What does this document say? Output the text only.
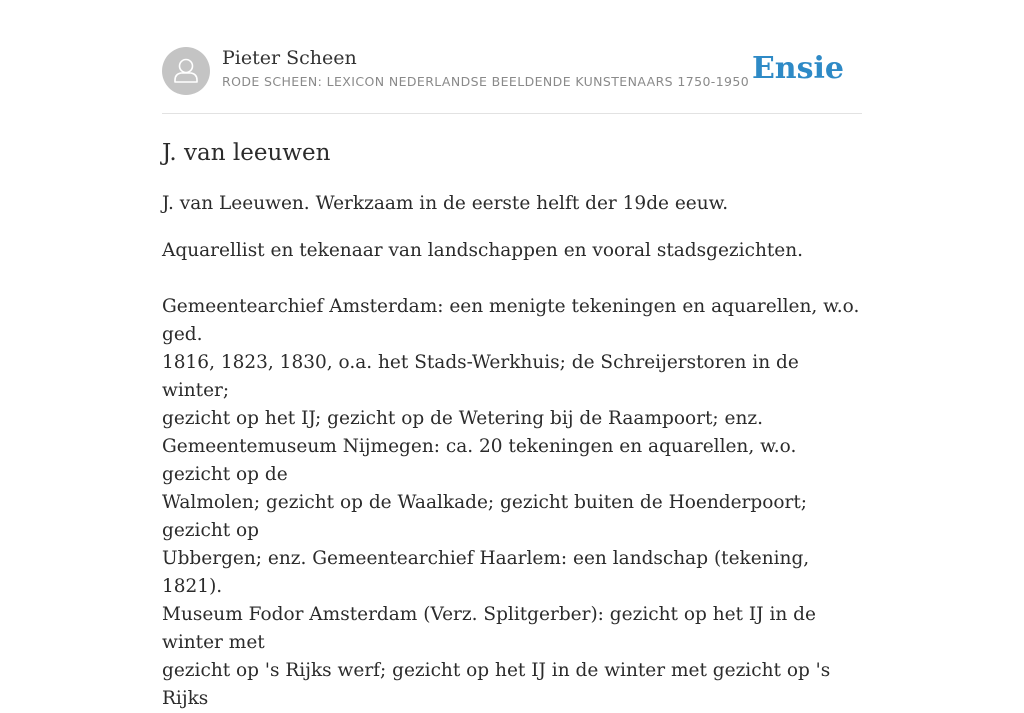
Pieter Scheen
RODE SCHEEN: LEXICON NEDERLANDSE BEELDENDE KUNSTENAARS 1750-1950 Ensie
J. van leeuwen

J. van Leeuwen. Werkzaam in de eerste helft der 19de eeuw.

Aquarellist en tekenaar van landschappen en vooral stadsgezichten.

Gemeentearchief Amsterdam: een menigte tekeningen en aquarellen, w.o. ged.
1816, 1823, 1830, o.a. het Stads-Werkhuis; de Schreijerstoren in de winter;
gezicht op het IJ; gezicht op de Wetering bij de Raampoort; enz.
Gemeentemuseum Nijmegen: ca. 20 tekeningen en aquarellen, w.o. gezicht op de
Walmolen; gezicht op de Waalkade; gezicht buiten de Hoenderpoort; gezicht op
Ubbergen; enz. Gemeentearchief Haarlem: een landschap (tekening, 1821).
Museum Fodor Amsterdam (Verz. Splitgerber): gezicht op het IJ in de winter met
gezicht op 's Rijks werf; gezicht op het IJ in de winter met gezicht op 's Rijks
